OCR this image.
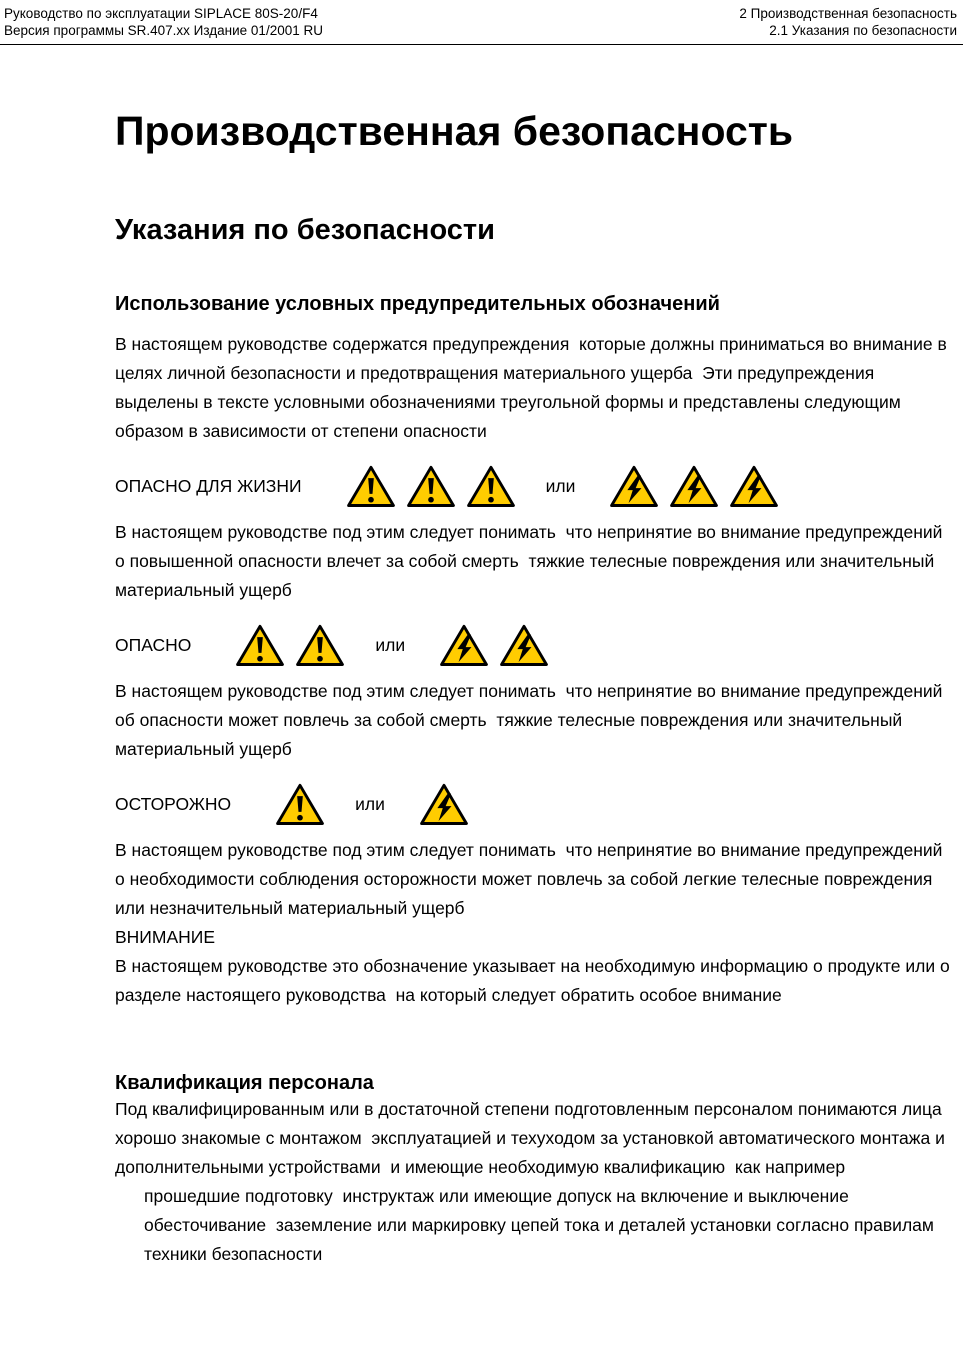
Руководство по эксплуатации SIPLACE 80S-20/F4
Версия программы SR.407.xx Издание 01/2001 RU
2 Производственная безопасность
2.1 Указания по безопасности
Производственная безопасность
Указания по безопасности
Использование условных предупредительных обозначений

В настоящем руководстве содержатся предупреждения  которые должны приниматься во внимание в целях личной безопасности и предотвращения материального ущерба  Эти предупреждения выделены в тексте условными обозначениями треугольной формы и представлены следующим образом в зависимости от степени опасности

ОПАСНО ДЛЯ ЖИЗНИ	или

В настоящем руководстве под этим следует понимать  что непринятие во внимание предупреждений о повышенной опасности влечет за собой смерть  тяжкие телесные повреждения или значительный материальный ущерб

ОПАСНО	или

В настоящем руководстве под этим следует понимать  что непринятие во внимание предупреждений об опасности может повлечь за собой смерть  тяжкие телесные повреждения или значительный материальный ущерб

ОСТОРОЖНО	или

В настоящем руководстве под этим следует понимать  что непринятие во внимание предупреждений о необходимости соблюдения осторожности может повлечь за собой легкие телесные повреждения или незначительный материальный ущерб

ВНИМАНИЕ

В настоящем руководстве это обозначение указывает на необходимую информацию о продукте или о разделе настоящего руководства  на который следует обратить особое внимание

Квалификация персонала

Под квалифицированным или в достаточной степени подготовленным персоналом понимаются лица  хорошо знакомые с монтажом  эксплуатацией и техуходом за установкой автоматического монтажа и дополнительными устройствами  и имеющие необходимую квалификацию  как например

прошедшие подготовку  инструктаж или имеющие допуск на включение и выключение обесточивание  заземление или маркировку цепей тока и деталей установки согласно правилам техники безопасности
